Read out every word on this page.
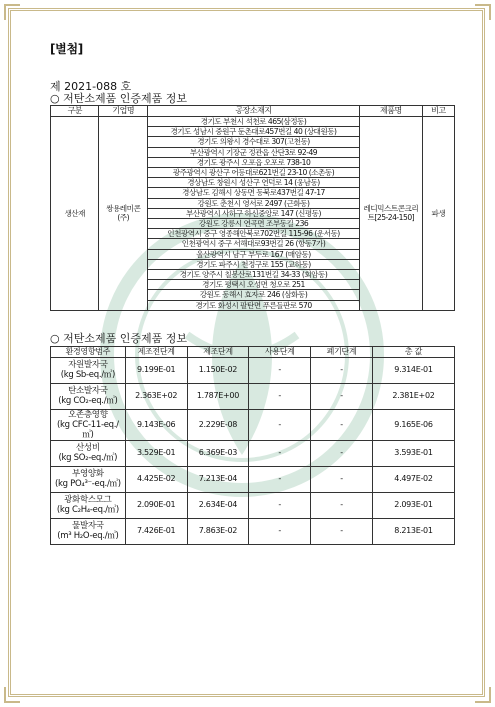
[별첨]
제 2021-088 호
○ 저탄소제품 인증제품 정보
구분	기업명	공장소재지	제품명	비고
생산재	쌍용레미콘(주)	경기도 부천시 석천로 465(삼정동)	레디믹스트콘크리트[25-24-150]	파생
		경기도 성남시 중원구 둔촌대로457번길 40 (상대원동)		
		경기도 의왕시 경수대로 307(고천동)		
		부산광역시 기장군 정관읍 산단3로 92-49		
		경기도 광주시 오포읍 오포로 738-10		
		광주광역시 광산구 어등대로621번길 23-10 (소촌동)		
		경상남도 창원시 성산구 연덕로 14 (웅남동)		
		경상남도 김해시 상동면 동북로437번길 47-17		
		강원도 춘천시 영서로 2497 (근화동)		
		부산광역시 사하구 하신중앙로 147 (신평동)		
		강원도 강릉시 연곡면 조부동길 236		
		인천광역시 중구 영종해안북로702번길 115-96 (운서동)		
		인천광역시 중구 서해대로93번길 26 (항동7가)		
		울산광역시 남구 부두로 167 (매암동)		
		경기도 파주시 천정구로 155 (교하동)		
		경기도 양주시 칠봉산로131번길 34-33 (회암동)		
		경기도 평택시 오성면 청오로 251		
		강원도 동해시 효자로 246 (삼화동)		
		경기도 화성시 팔탄면 푸른들판로 570		
○ 저탄소제품 인증제품 정보
환경영향범주	제조전단계	제조단계	사용단계	폐기단계	총 값

자원발자국
(kg Sb-eq./㎥)	9.199E-01	1.150E-02	-	-	9.314E-01

탄소발자국
(kg CO₂-eq./㎥)	2.363E+02	1.787E+00	-	-	2.381E+02

오존층영향
(kg CFC-11-eq./㎥)	9.143E-06	2.229E-08	-	-	9.165E-06

산성비
(kg SO₂-eq./㎥)	3.529E-01	6.369E-03	-	-	3.593E-01

부영양화
(kg PO₄³⁻-eq./㎥)	4.425E-02	7.213E-04	-	-	4.497E-02

광화학스모그
(kg C₂H₄-eq./㎥)	2.090E-01	2.634E-04	-	-	2.093E-01

물발자국
(m³ H₂O-eq./㎥)	7.426E-01	7.863E-02	-	-	8.213E-01
